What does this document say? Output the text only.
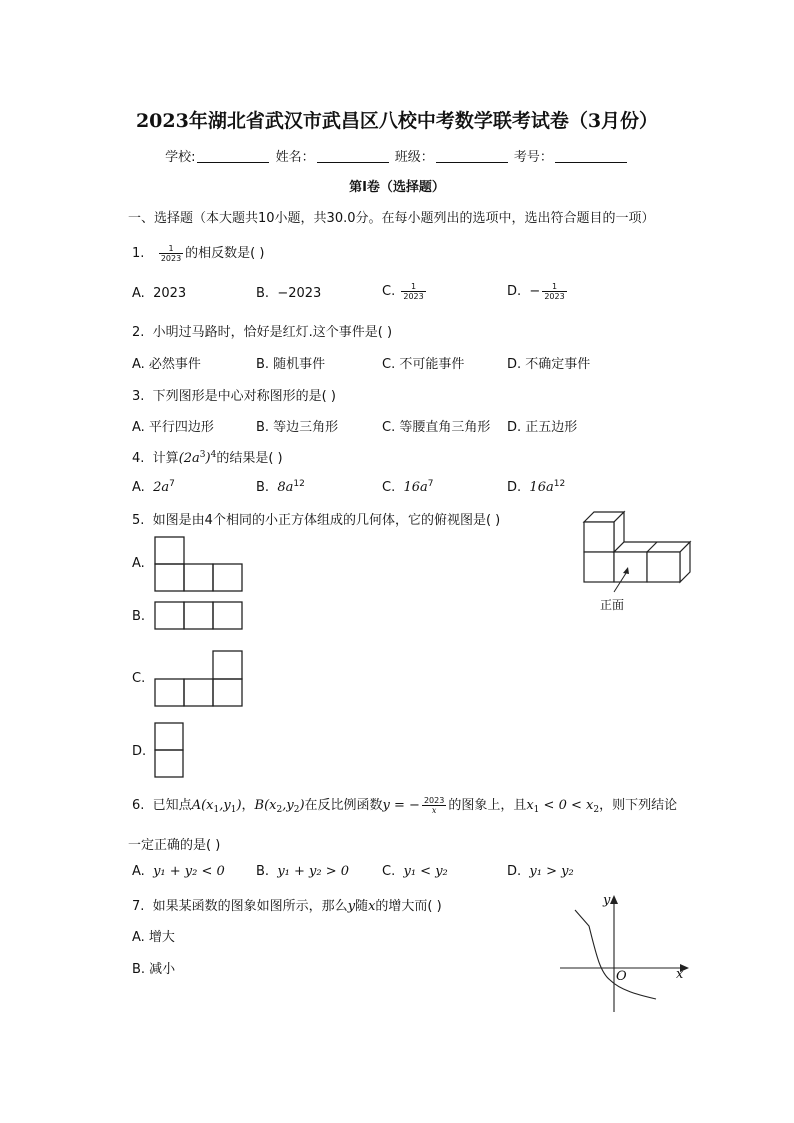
2023年湖北省武汉市武昌区八校中考数学联考试卷（3月份）
学校:	姓名：	班级：	考号：
第I卷（选择题）
一、选择题（本大题共10小题，共30.0分。在每小题列出的选项中，选出符合题目的一项）
1. $\frac{1}{2023}$ 的相反数是( )
A. 2023	B. −2023	C. $\frac{1}{2023}$	D. − $\frac{1}{2023}$
2. 小明过马路时，恰好是红灯.这个事件是( )
A. 必然事件	B. 随机事件	C. 不可能事件	D. 不确定事件
3. 下列图形是中心对称图形的是( )
A. 平行四边形	B. 等边三角形	C. 等腰直角三角形 D. 正五边形
4. 计算$(2a^3)^4$的结果是( )
A. $2a^7$	B. $8a^{12}$	C. $16a^7$	D. $16a^{12}$
5. 如图是由4个相同的小正方体组成的几何体，它的俯视图是( )
正面
A.
B.
C.
D.
6. 已知点$A(x_1,y_1)$，$B(x_2,y_2)$在反比例函数y = − $\frac{2023}{x}$ 的图象上，且$x_1 < 0 < x_2$，则下列结论
一定正确的是( )
A. y₁ + y₂ < 0 B. y₁ + y₂ > 0	C. y₁ < y₂	D. y₁ > y₂
7. 如果某函数的图象如图所示，那么y随x的增大而( )
A. 增大
B. 减小
y
x
O
